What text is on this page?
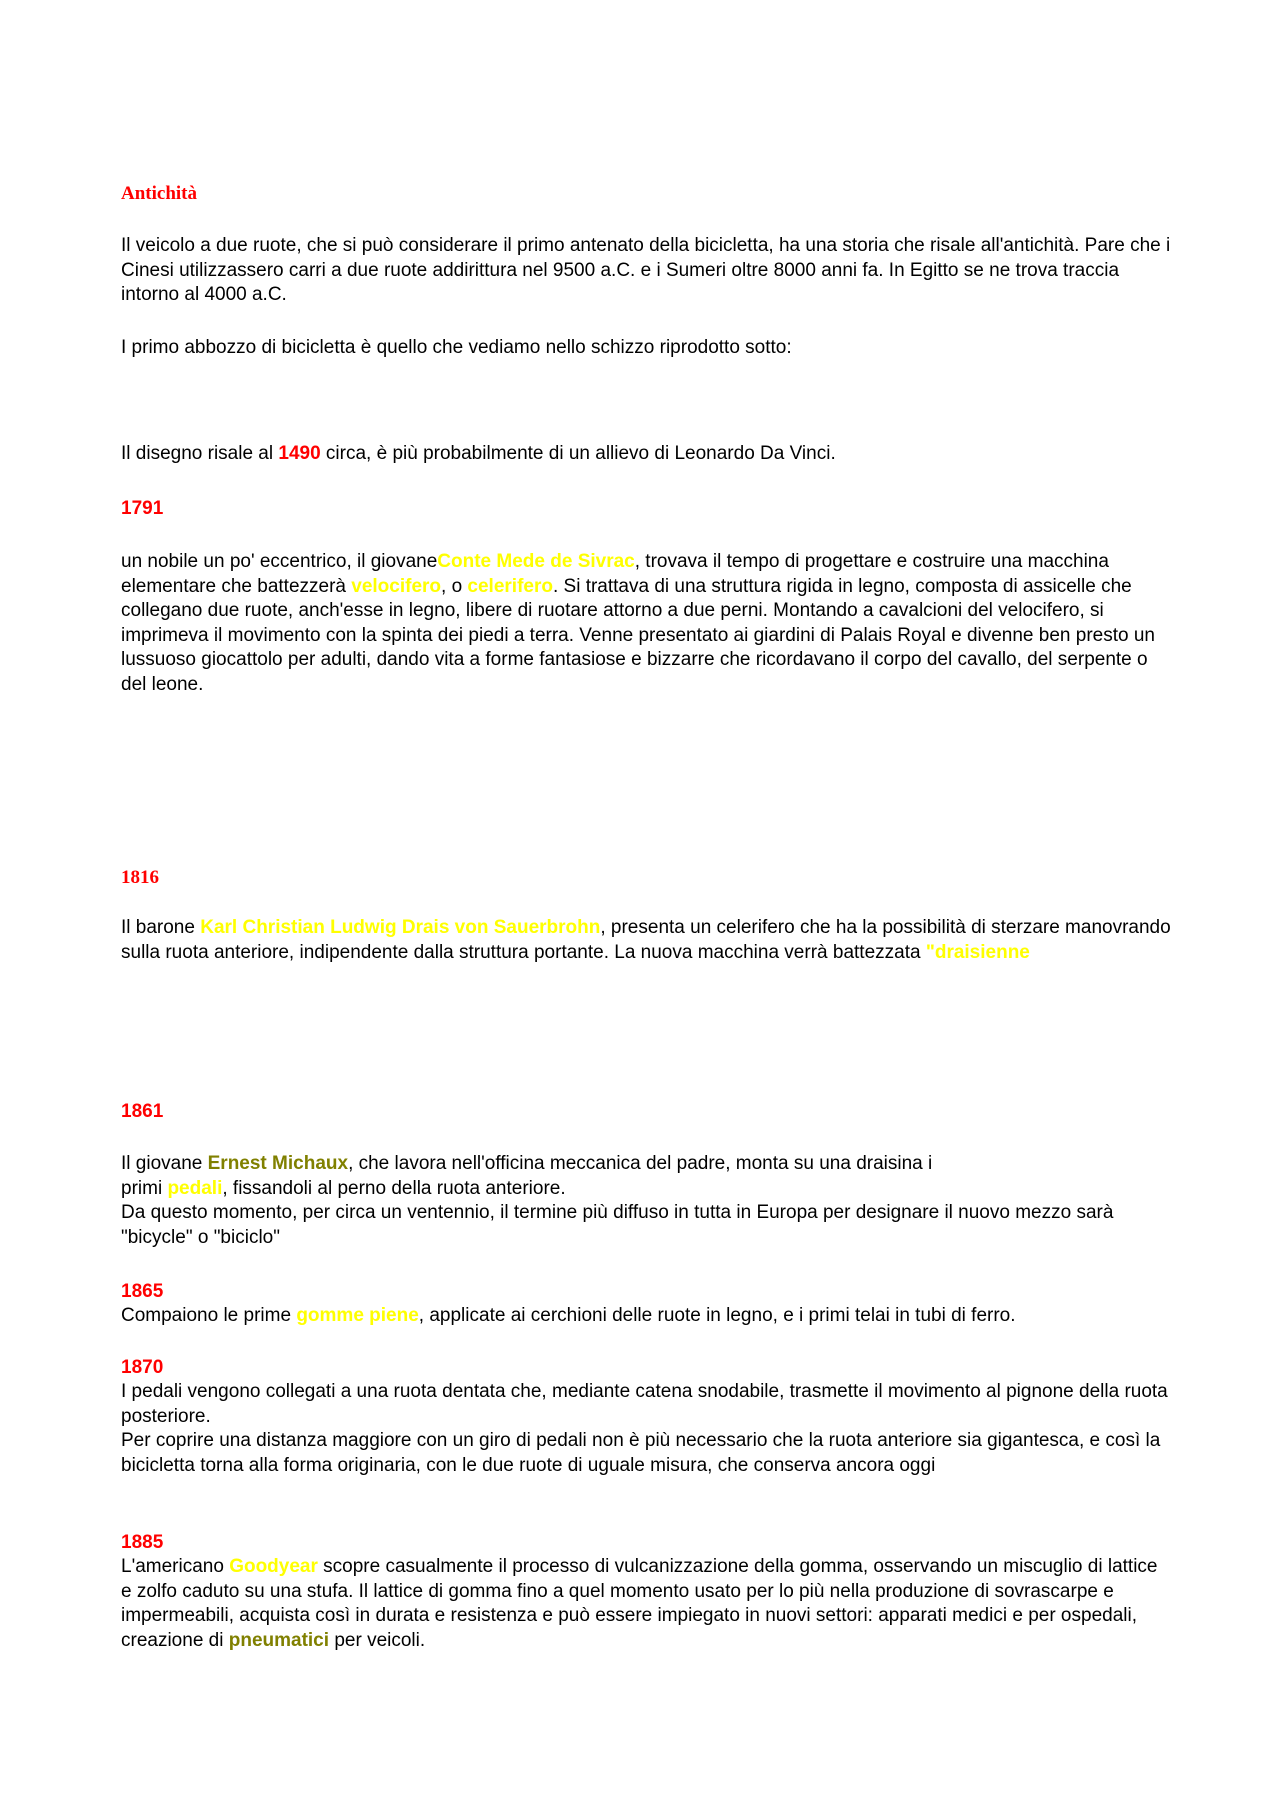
Antichità

Il veicolo a due ruote, che si può considerare il primo antenato della bicicletta, ha una storia che risale all'antichità. Pare che i Cinesi utilizzassero carri a due ruote addirittura nel 9500 a.C. e i Sumeri oltre 8000 anni fa. In Egitto se ne trova traccia intorno al 4000 a.C.

I primo abbozzo di bicicletta è quello che vediamo nello schizzo riprodotto sotto:

Il disegno risale al 1490 circa, è più probabilmente di un allievo di Leonardo Da Vinci.

1791

un nobile un po' eccentrico, il giovaneConte Mede de Sivrac, trovava il tempo di progettare e costruire una macchina elementare che battezzerà velocifero, o celerifero. Si trattava di una struttura rigida in legno, composta di assicelle che collegano due ruote, anch'esse in legno, libere di ruotare attorno a due perni. Montando a cavalcioni del velocifero, si imprimeva il movimento con la spinta dei piedi a terra. Venne presentato ai giardini di Palais Royal e divenne ben presto un lussuoso giocattolo per adulti, dando vita a forme fantasiose e bizzarre che ricordavano il corpo del cavallo, del serpente o del leone.

1816

Il barone Karl Christian Ludwig Drais von Sauerbrohn, presenta un celerifero che ha la possibilità di sterzare manovrando sulla ruota anteriore, indipendente dalla struttura portante. La nuova macchina verrà battezzata "draisienne

1861

Il giovane Ernest Michaux, che lavora nell'officina meccanica del padre, monta su una draisina i
primi pedali, fissandoli al perno della ruota anteriore.
Da questo momento, per circa un ventennio, il termine più diffuso in tutta in Europa per designare il nuovo mezzo sarà "bicycle" o "biciclo"

1865

Compaiono le prime gomme piene, applicate ai cerchioni delle ruote in legno, e i primi telai in tubi di ferro.

1870

I pedali vengono collegati a una ruota dentata che, mediante catena snodabile, trasmette il movimento al pignone della ruota posteriore.
Per coprire una distanza maggiore con un giro di pedali non è più necessario che la ruota anteriore sia gigantesca, e così la bicicletta torna alla forma originaria, con le due ruote di uguale misura, che conserva ancora oggi

1885

L'americano Goodyear scopre casualmente il processo di vulcanizzazione della gomma, osservando un miscuglio di lattice e zolfo caduto su una stufa. Il lattice di gomma fino a quel momento usato per lo più nella produzione di sovrascarpe e impermeabili, acquista così in durata e resistenza e può essere impiegato in nuovi settori: apparati medici e per ospedali, creazione di pneumatici per veicoli.
